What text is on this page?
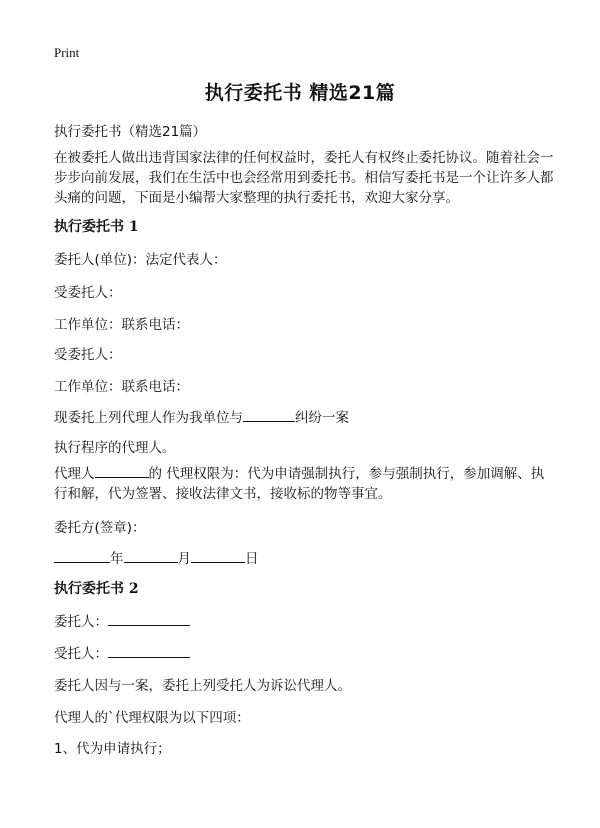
Print
执行委托书 精选21篇
执行委托书（精选21篇）
在被委托人做出违背国家法律的任何权益时，委托人有权终止委托协议。随着社会一步步向前发展，我们在生活中也会经常用到委托书。相信写委托书是一个让许多人都头痛的问题，下面是小编帮大家整理的执行委托书，欢迎大家分享。
执行委托书 1
委托人(单位)：法定代表人：
受委托人：
工作单位：联系电话：
受委托人：
工作单位：联系电话：
现委托上列代理人作为我单位与	纠纷一案
执行程序的代理人。
代理人	的 代理权限为：代为申请强制执行，参与强制执行，参加调解、执行和解，代为签署、接收法律文书，接收标的物等事宜。
委托方(签章)：
年	月	日
执行委托书 2
委托人：
受托人：
委托人因与一案，委托上列受托人为诉讼代理人。
代理人的`代理权限为以下四项：
1、代为申请执行；
